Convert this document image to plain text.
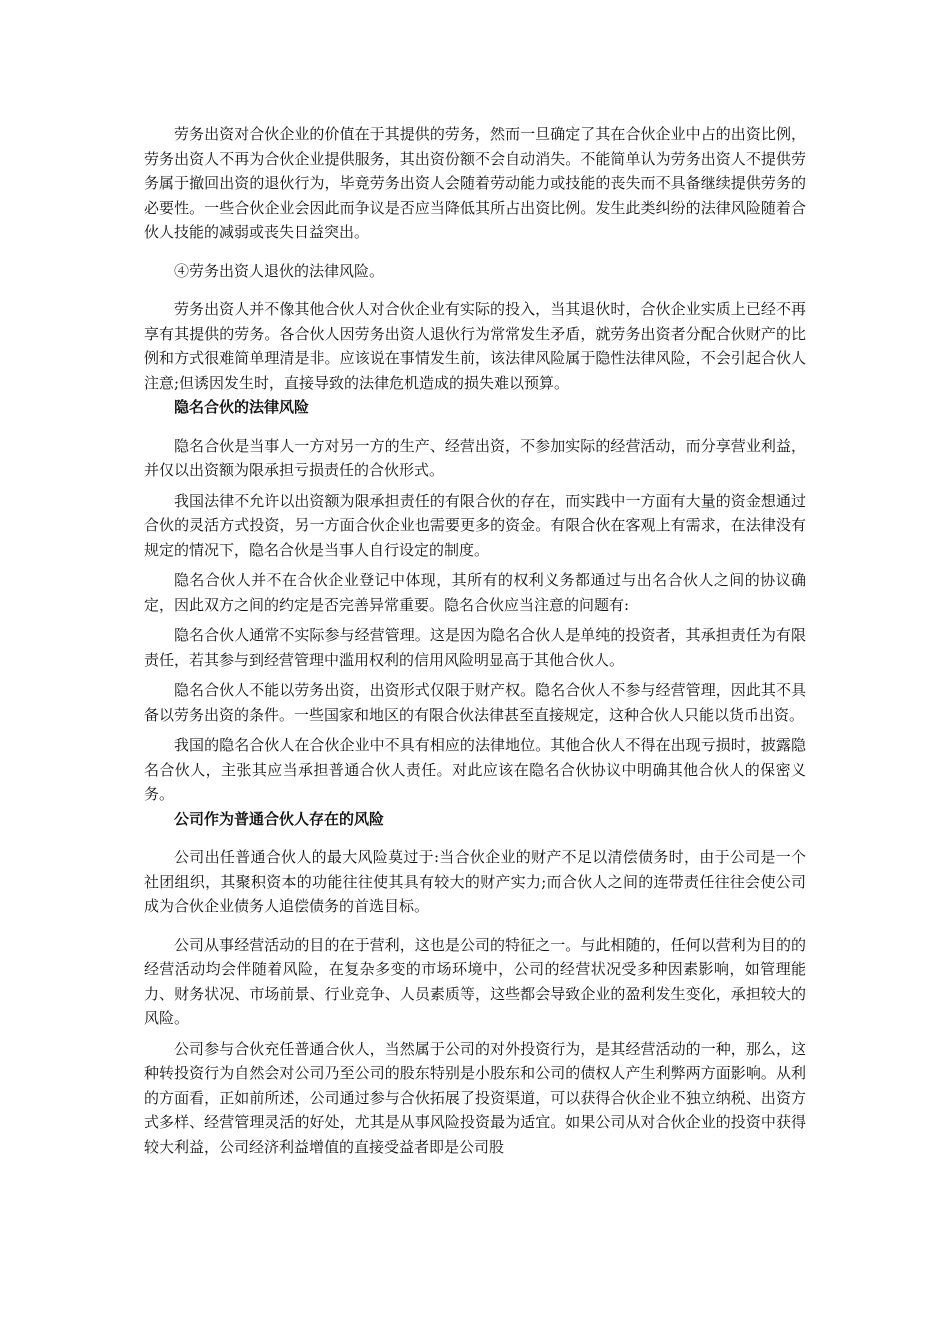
劳务出资对合伙企业的价值在于其提供的劳务，然而一旦确定了其在合伙企业中占的出资比例，劳务出资人不再为合伙企业提供服务，其出资份额不会自动消失。不能简单认为劳务出资人不提供劳务属于撤回出资的退伙行为，毕竟劳务出资人会随着劳动能力或技能的丧失而不具备继续提供劳务的必要性。一些合伙企业会因此而争议是否应当降低其所占出资比例。发生此类纠纷的法律风险随着合伙人技能的减弱或丧失日益突出。

④劳务出资人退伙的法律风险。

劳务出资人并不像其他合伙人对合伙企业有实际的投入，当其退伙时，合伙企业实质上已经不再享有其提供的劳务。各合伙人因劳务出资人退伙行为常常发生矛盾，就劳务出资者分配合伙财产的比例和方式很难简单理清是非。应该说在事情发生前，该法律风险属于隐性法律风险，不会引起合伙人注意;但诱因发生时，直接导致的法律危机造成的损失难以预算。

隐名合伙的法律风险

隐名合伙是当事人一方对另一方的生产、经营出资，不参加实际的经营活动，而分享营业利益，并仅以出资额为限承担亏损责任的合伙形式。

我国法律不允许以出资额为限承担责任的有限合伙的存在，而实践中一方面有大量的资金想通过合伙的灵活方式投资，另一方面合伙企业也需要更多的资金。有限合伙在客观上有需求，在法律没有规定的情况下，隐名合伙是当事人自行设定的制度。

隐名合伙人并不在合伙企业登记中体现，其所有的权利义务都通过与出名合伙人之间的协议确定，因此双方之间的约定是否完善异常重要。隐名合伙应当注意的问题有:

隐名合伙人通常不实际参与经营管理。这是因为隐名合伙人是单纯的投资者，其承担责任为有限责任，若其参与到经营管理中滥用权利的信用风险明显高于其他合伙人。

隐名合伙人不能以劳务出资，出资形式仅限于财产权。隐名合伙人不参与经营管理，因此其不具备以劳务出资的条件。一些国家和地区的有限合伙法律甚至直接规定，这种合伙人只能以货币出资。

我国的隐名合伙人在合伙企业中不具有相应的法律地位。其他合伙人不得在出现亏损时，披露隐名合伙人，主张其应当承担普通合伙人责任。对此应该在隐名合伙协议中明确其他合伙人的保密义务。

公司作为普通合伙人存在的风险

公司出任普通合伙人的最大风险莫过于:当合伙企业的财产不足以清偿债务时，由于公司是一个社团组织，其聚积资本的功能往往使其具有较大的财产实力;而合伙人之间的连带责任往往会使公司成为合伙企业债务人追偿债务的首选目标。

公司从事经营活动的目的在于营利，这也是公司的特征之一。与此相随的，任何以营利为目的的经营活动均会伴随着风险，在复杂多变的市场环境中，公司的经营状况受多种因素影响，如管理能力、财务状况、市场前景、行业竞争、人员素质等，这些都会导致企业的盈利发生变化，承担较大的风险。

公司参与合伙充任普通合伙人，当然属于公司的对外投资行为，是其经营活动的一种，那么，这种转投资行为自然会对公司乃至公司的股东特别是小股东和公司的债权人产生利弊两方面影响。从利的方面看，正如前所述，公司通过参与合伙拓展了投资渠道，可以获得合伙企业不独立纳税、出资方式多样、经营管理灵活的好处，尤其是从事风险投资最为适宜。如果公司从对合伙企业的投资中获得较大利益，公司经济利益增值的直接受益者即是公司股
